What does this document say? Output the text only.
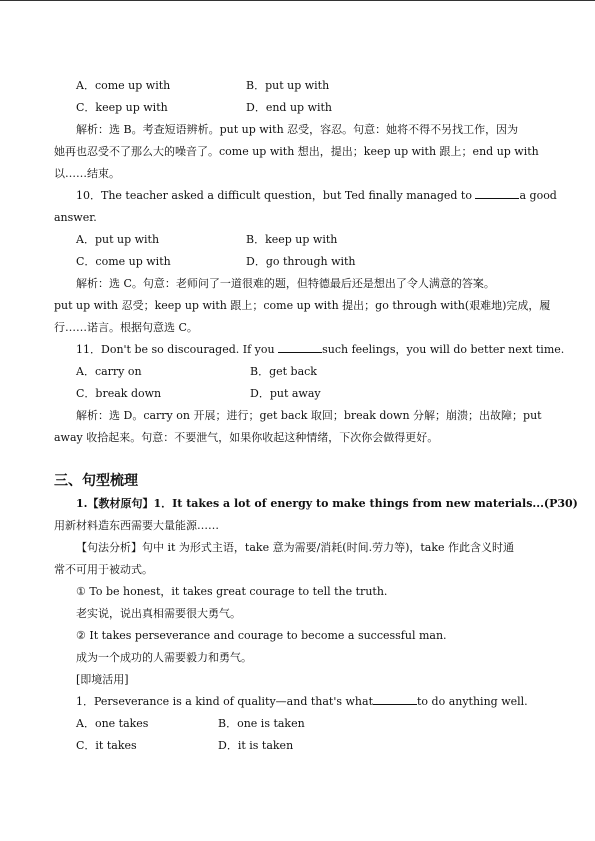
A．come up with	B．put up with
C．keep up with	D．end up with
解析：选 B。考查短语辨析。put up with 忍受，容忍。句意：她将不得不另找工作，因为
她再也忍受不了那么大的噪音了。come up with 想出，提出；keep up with 跟上；end up with
以……结束。
10．The teacher asked a difficult question，but Ted finally managed to	a good
answer.
A．put up with	B．keep up with
C．come up with	D．go through with
解析：选 C。句意：老师问了一道很难的题，但特德最后还是想出了令人满意的答案。
put up with 忍受；keep up with 跟上；come up with 提出；go through with(艰难地)完成，履
行……诺言。根据句意选 C。
11．Don't be so discouraged. If you	such feelings，you will do better next time.
A．carry on	B．get back
C．break down	D．put away
解析：选 D。carry on 开展；进行；get back 取回；break down 分解；崩溃；出故障；put
away 收拾起来。句意：不要泄气，如果你收起这种情绪，下次你会做得更好。
三、句型梳理
1.【教材原句】1．It takes a lot of energy to make things from new materials...(P30)
用新材料造东西需要大量能源……
【句法分析】句中 it 为形式主语，take 意为需要/消耗(时间.劳力等)，take 作此含义时通
常不可用于被动式。
① To be honest，it takes great courage to tell the truth.
老实说，说出真相需要很大勇气。
② It takes perseverance and courage to become a successful man.
成为一个成功的人需要毅力和勇气。
[即境活用]
1．Perseverance is a kind of quality—and that's what	to do anything well.
A．one takes	B．one is taken
C．it takes	D．it is taken
